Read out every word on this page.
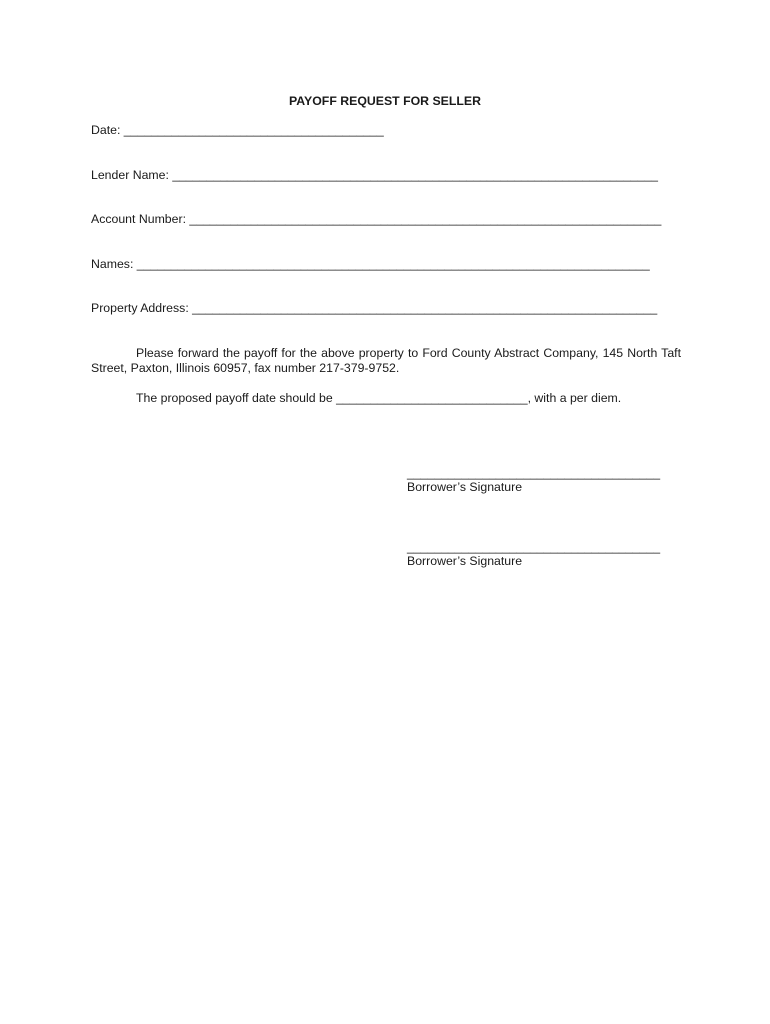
PAYOFF REQUEST FOR SELLER
Date: ______________________________________
Lender Name: _______________________________________________________________________
Account Number: _____________________________________________________________________
Names: ___________________________________________________________________________
Property Address: ____________________________________________________________________
Please forward the payoff for the above property to Ford County Abstract Company, 145 North Taft Street, Paxton, Illinois 60957, fax number 217-379-9752.
The proposed payoff date should be ____________________________, with a per diem.
_____________________________________
Borrower’s Signature
_____________________________________
Borrower’s Signature
